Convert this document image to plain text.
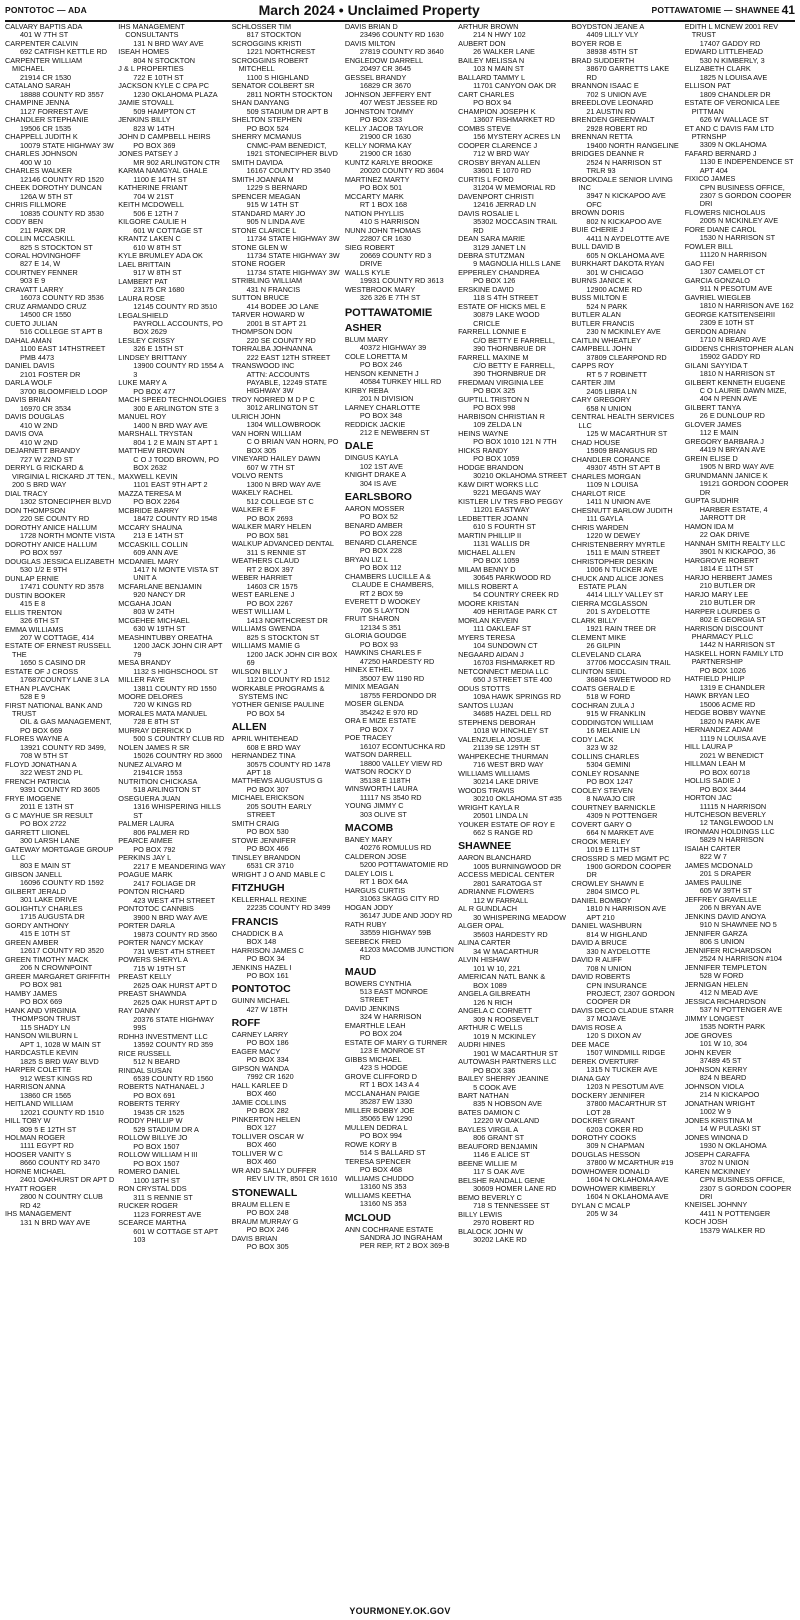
PONTOTOC — ADA	March 2024 • Unclaimed Property	POTTAWATOMIE — SHAWNEE 41
CALVARY BAPTIS ADA
401 W 7TH ST
CARPENTER CALVIN
692 CATFISH KETTLE RD
CARPENTER WILLIAM MICHAEL
21914 CR 1530
CATALANO SARAH
18888 COUNTY RD 3557
CHAMPINE JENNA
1127 FORREST AVE
CHANDLER STEPHANIE
19506 CR 1535
CHAPPELL JUDITH K
10079 STATE HIGHWAY 3W
CHARLES JOHNSON
400 W 10
CHARLES WALKER
12146 COUNTY RD 1520
CHEEK DOROTHY DUNCAN
126A W 5TH ST
CHRIS FILLMORE
10835 COUNTY RD 3530
CODY BEN
211 PARK DR
COLLIN MCCASKILL
825 S STOCKTON ST
CORAL HOVINGHOFF
827 E 14, W
COURTNEY FENNER
903 E 9
CRAVATT LARRY
16073 COUNTY RD 3536
CRUZ ARMANDO CRUZ
14500 CR 1550
CUETO JULIAN
516 COLLEGE ST APT B
DAHAL AMAN
1100 EAST 14THSTREET PMB 4473
DANIEL DAVIS
2101 FOSTER DR
DARLA WOLF
3700 BLOOMFIELD LOOP
DAVIS BRIAN
16970 CR 3534
DAVIS DOUGLAS
410 W 2ND
DAVIS OVA
410 W 2ND
DEJARNETT BRANDY
727 W 22ND ST
DERRYL G RICKARD & VIRGINIA L RICKARD JT TEN., 200 S BRD WAY
DIAL TRACY
1302 STONECIPHER BLVD
DON THOMPSON
220 SE COUNTY RD
DOROTHY ANICE HALLUM
1728 NORTH MONTE VISTA
DOROTHY ANICE HALLUM
PO BOX 597
DOUGLAS JESSICA ELIZABETH
530 1/2 E 9TH
DUNLAP ERNIE
17471 COUNTY RD 3578
DUSTIN BOOKER
415 E 8
ELLIS TRENTON
326 6TH ST
EMMA WILLIAMS
207 W COTTAGE, 414
ESTATE OF ERNEST RUSSELL THE
1650 S CASINO DR
ESTATE OF J CROSS
17687COUNTY LANE 3 LA
ETHAN PLAVCHAK
528 E 9
FIRST NATIONAL BANK AND TRUST
OIL & GAS MANAGEMENT, PO BOX 669
FLORES WAYNE A
13921 COUNTY RD 3499, 708 W 5TH ST
FLOYD JONATHAN A
322 WEST 2ND PL
FRENCH PATRICIA
9391 COUNTY RD 3605
FRYE IMOGENE
2011 E 13TH ST
G C MAYHUE SR RESULT
PO BOX 2722
GARRETT LIIONEL
300 LARSH LANE
GATEWAY MORTGAGE GROUP LLC
803 E MAIN ST
GIBSON JANELL
16096 COUNTY RD 1592
GILBERT JERALD
301 LAKE DRIVE
GOLIGHTLY CHARLES
1715 AUGUSTA DR
GORDY ANTHONY
415 E 10TH ST
GREEN AMBER
12617 COUNTY RD 3520
GREEN TIMOTHY MACK
206 N CROWNPOINT
GREER MARGARET GRIFFITH
PO BOX 981
HAMBY JAMES
PO BOX 669
HANK AND VIRGINIA THOMPSON TRUST
115 SHADY LN
HANSON WILBURN L
APT 1, 1028 W MAIN ST
HARDCASTLE KEVIN
1825 S BRD WAY BLVD
HARPER COLETTE
912 WEST KINGS RD
HARRISON ANNA
13860 CR 1565
HEITLAND WILLIAM
12021 COUNTY RD 1510
HILL TOBY W
809 5 E 12TH ST
HOLMAN ROGER
1111 EGYPT RD
HOOSER VANITY S
8660 COUNTY RD 3470
HORNE MICHAEL
2401 OAKHURST DR APT D
HYATT ROGER
2800 N COUNTRY CLUB RD 42
IHS MANAGEMENT
131 N BRD WAY AVE
IHS MANAGEMENT CONSULTANTS
131 N BRD WAY AVE
ISEAH HOMES
804 N STOCKTON
J & L PROPERTIES
722 E 10TH ST
JACKSON KYLE C CPA PC
1230 OKLAHOMA PLAZA
JAMIE STOVALL
509 HAMPTON CT
JENKINS BILLY
823 W 14TH
JOHN D CAMPBELL HEIRS
PO BOX 369
JONES PATSEY J
MR 902 ARLINGTON CTR
KARMA NAMGYAL GHALE
1100 E 14TH ST
KATHERINE FRIANT
704 W 21ST
KEITH MCDOWELL
506 E 12TH 7
KILGORE CAULIE H
601 W COTTAGE ST
KRANTZ LAKEN C
610 W 8TH ST
KYLE BRUMLEY ADA OK
LAEL BRITTAIN
917 W 8TH ST
LAMBERT PAT
23175 CR 1680
LAURA ROSE
12145 COUNTY RD 3510
LEGALSHIELD
PAYROLL ACCOUNTS, PO BOX 2629
LESLEY CRISSY
326 E 15TH ST
LINDSEY BRITTANY
13900 COUNTY RD 1554 A 3
LUKE MARY A
PO BOX 477
MACH SPEED TECHNOLOGIES
300 E ARLINGTON STE 3
MANUEL ROY
1400 N BRD WAY AVE
MARSHALL TRYSTAN
804 1 2 E MAIN ST APT 1
MATTHEW BROWN
C O J TODD BROWN, PO BOX 2632
MAXWELL KEVIN
1101 EAST 9TH APT 2
MAZZA TERESA M
PO BOX 2264
MCBRIDE BARRY
18472 COUNTY RD 1548
MCCARY SHAUNA
213 E 14TH ST
MCCASKILL COLLIN
609 ANN AVE
MCDANIEL MARY
1417 N MONTE VISTA ST UNIT A
MCFARLANE BENJAMIN
920 NANCY DR
MCGAHA JOAN
803 W 24TH
MCGEHEE MICHAEL
630 W 19TH ST
MEASHINTUBBY OREATHA
1200 JACK JOHN CIR APT 79
MESA BRANDY
1132 S HIGHSCHOOL ST
MILLER FAYE
13811 COUNTY RD 1550
MOORE DELORES
720 W KINGS RD
MORALES MATA MANUEL
728 E 8TH ST
MURRAY DERRICK D
500 S COUNTRY CLUB RD
NOLEN JAMES R SR
15026 COUNTRY RD 3600
NUNEZ ALVARO M
21941CR 1553
NUTRITION CHICKASA
518 ARLINGTON ST
OSEGUERA JUAN
1316 WHISPERING HILLS ST
PALMER LAURA
806 PALMER RD
PEARCE AIMEE
PO BOX 792
PERKINS JAY L
2217 E MEANDERING WAY
POAGUE MARK
2417 FOLIAGE DR
PONTON RICHARD
423 WEST 4TH STREET
PONTOTOC CANNBIS
3900 N BRD WAY AVE
PORTER DARLA
19873 COUNTY RD 3560
PORTER NANCY MCKAY
731 WEST 4TH STREET
POWERS SHERYL A
715 W 19TH ST
PREAST KELLY
2625 OAK HURST APT D
PREAST SHAWNDA
2625 OAK HURST APT D
RAY DANNY
20376 STATE HIGHWAY 99S
RDHH3 INVESTMENT LLC
13592 COUNTY RD 359
RICE RUSSELL
512 N BEARD
RINDAL SUSAN
6539 COUNTY RD 1560
ROBERTS NATHANAEL J
PO BOX 691
ROBERTS TERRY
19435 CR 1525
RODDY PHILLIP W
529 STADIUM DR A
ROLLOW BILLYE JO
PO BOX 1507
ROLLOW WILLIAM H III
PO BOX 1507
ROMERO DANIEL
1100 18TH ST
RON CRYSTAL DDS
311 S RENNIE ST
RUCKER ROGER
1123 FORREST AVE
SCEARCE MARTHA
601 W COTTAGE ST APT 103
SCHLOSSER TIM
817 STOCKTON
SCROGGINS KRISTI
1221 NORTHCREST
SCROGGINS ROBERT MITCHELL
1100 S HIGHLAND
SENATOR COLBERT SR
2811 NORTH STOCKTON
SHAN DANYANG
509 STADIUM DR APT B
SHELTON STEPHEN
PO BOX 524
SHERRY MCMANUS
CNMC-PAM BENEDICT, 1921 STONECIPHER BLVD
SMITH DAVIDA
16167 COUNTY RD 3540
SMITH JOANNA M
1229 S BERNARD
SPENCER MEAGAN
915 W 14TH ST
STANDARD MARY JO
905 N LINDA AVE
STONE CLARICE L
11734 STATE HIGHWAY 3W
STONE GLEN W
11734 STATE HIGHWAY 3W
STONE ROGER
11734 STATE HIGHWAY 3W
STRIBLING WILLIAM
431 N FRANCIS
SUTTON BRUCE
414 BODEE JO LANE
TARVER HOWARD W
2001 B ST APT 21
THOMPSON DON
220 SE COUNTY RD
TORRALBA JOHNANNA
222 EAST 12TH STREET
TRANSWOOD INC
ATTN: ACCOUNTS PAYABLE, 12249 STATE HIGHWAY 3W
TROY NORRED M D P C
3012 ARLINGTON ST
ULRICH JOHN
1304 WILLOWBROOK
VAN HORN WILLIAM
C O BRIAN VAN HORN, PO BOX 305
VINEYARD HAILEY DAWN
607 W 7TH ST
VOLVO RENTS
1300 N BRD WAY AVE
WAKELY RACHEL
512 COLLEGE ST C
WALKER E F
PO BOX 2693
WALKER MARY HELEN
PO BOX 581
WALKUP ADVANCED DENTAL
311 S RENNIE ST
WEATHERS CLAUD
RT 2 BOX 397
WEBER HARRIET
14603 CR 1575
WEST EARLENE J
PO BOX 2267
WEST WILLIAM L
1413 NORTHCREST DR
WILLIAMS GWENDA
825 S STOCKTON ST
WILLIAMS MAMIE G
1200 JACK JOHN CIR BOX 69
WILSON BILLY J
11210 COUNTY RD 1512
WORKABLE PROGRAMS & SYSTEMS INC
YOTHER GENISE PAULINE
PO BOX 54
ALLEN
APRIL WHITEHEAD
608 E BRD WAY
HERNANDEZ TINA
30575 COUNTY RD 1478 APT 18
MATTHEWS AUGUSTUS G
PO BOX 307
MICHAEL ERICKSON
205 SOUTH EARLY STREET
SMITH CRAIG
PO BOX 530
STOWE JENNIFER
PO BOX 466
TINSLEY BRANDON
6531 CR 3710
WRIGHT J O AND MABLE C
FITZHUGH
KELLERHALL REXINE
22235 COUNTY RD 3499
FRANCIS
CHADDICK B A
BOX 148
HARRISON JAMES C
PO BOX 34
JENKINS HAZEL I
PO BOX 161
PONTOTOC
GUINN MICHAEL
427 W 18TH
ROFF
CARNEY LARRY
PO BOX 186
EAGER MACY
PO BOX 334
GIPSON WANDA
7992 CR 1620
HALL KARLEE D
BOX 460
JAMIE COLLINS
PO BOX 282
PINKERTON HELEN
BOX 127
TOLLIVER OSCAR W
BOX 460
TOLLIVER W C
BOX 460
WR AND SALLY DUFFER
REV LIV TR, 8501 CR 1610
STONEWALL
BRAUM ELLEN E
PO BOX 248
BRAUM MURRAY G
PO BOX 246
DAVIS BRIAN
PO BOX 305
DAVIS BRIAN D
23496 COUNTY RD 1630
DAVIS MILTON
27819 COUNTY RD 3640
ENGLEDOW DARRELL
20497 CR 3645
GESSEL BRANDY
16829 CR 3670
JOHNSON JEFFERY ENT
407 WEST JESSEE RD
JOHNSTON TOMMY
PO BOX 233
KELLY JACOB TAYLOR
21900 CR 1630
KELLY NORMA KAY
21900 CR 1630
KUNTZ KARLYE BROOKE
20020 COUNTY RD 3604
MARTINEZ MARTY
PO BOX 501
MCCARTY MARK
RT 1 BOX 168
NATION PHYLLIS
410 S HARRISON
NUNN JOHN THOMAS
22807 CR 1630
SIEG ROBERT
20669 COUNTY RD 3 DRIVE
WALLS KYLE
19931 COUNTY RD 3613
WESTBROOK MARY
326 326 E 7TH ST
POTTAWATOMIE
ASHER
BLUM MARY
40372 HIGHWAY 39
COLE LORETTA M
PO BOX 246
HENSON KENNETH J
40584 TURKEY HILL RD
KIRBY REBA
201 N DIVISION
LARNEY CHARLOTTE
PO BOX 348
REDDICK JACKIE
212 E NEWBERN ST
DALE
DINGUS KAYLA
102 1ST AVE
KNIGHT DRAKE A
304 IS AVE
EARLSBORO
AARON MOSSER
PO BOX 52
BENARD AMBER
PO BOX 228
BENARD CLARENCE
PO BOX 228
BRYAN LIZ L
PO BOX 112
CHAMBERS LUCILLE A & CLAUDE E CHAMBERS,
RT 2 BOX 59
EVERETT D WOOKEY
706 S LAYTON
FRUIT SHARON
12134 S 351
GLORIA GOUDGE
PO BOX 93
HAWKINS CHARLES F
47250 HARDESTY RD
HINEX ETHEL
35007 EW 1190 RD
MINIX MEAGAN
18755 FERDONDO DR
MOSER GLENDA
354242 E 970 RD
ORA E MIZE ESTATE
PO BOX 7
POE TRACEY
16107 ECONTUCHKA RD
WATSON DARRELL
18800 VALLEY VIEW RD
WATSON ROCKY D
35138 E 118TH
WINSWORTH LAURA
11117 NS 3540 RD
YOUNG JIMMY C
303 OLIVE ST
MACOMB
BANEY MARY
40276 ROMULUS RD
CALDERON JOSE
5200 POTTAWATOMIE RD
DALEY LOIS L
RT 1 BOX 64A
HARGUS CURTIS
31063 SKAGG CITY RD
HOGAN JODY
36147 JUDE AND JODY RD
RATH RUBY
33559 HIGHWAY 59B
SEEBECK FRED
41203 MACOMB JUNCTION RD
MAUD
BOWERS CYNTHIA
513 EAST MONROE STREET
DAVID JENKINS
324 W HARRISON
EMARTHLE LEAH
PO BOX 204
ESTATE OF MARY G TURNER
123 E MONROE ST
GIBBS MICHAEL
423 S HODGE
GROVE CLIFFORD D
RT 1 BOX 143 A 4
MCCLANAHAN PAIGE
35287 EW 1330
MILLER BOBBY JOE
35065 EW 1290
MULLEN DEDRA L
PO BOX 994
ROWE KORY B
514 S BALLARD ST
TERESA SPENCER
PO BOX 468
WILLIAMS CHUDDO
13160 NS 353
WILLIAMS KEETHA
13160 NS 353
MCLOUD
ANN COCHRANE ESTATE
SANDRA JO INGRAHAM PER REP, RT 2 BOX 369-B
ARTHUR BROWN
214 N HWY 102
AUBERT DON
26 WALKER LANE
BAILEY MELISSA N
103 N MAIN ST
BALLARD TAMMY L
11701 CANYON OAK DR
CART CHARLES
PO BOX 94
CHAMPION JOSEPH K
13607 FISHMARKET RD
COMBS STEVE
156 MYSTERY ACRES LN
COOPER CLARENCE J
712 W BRD WAY
CROSBY BRYAN ALLEN
33601 E 1070 RD
CURTIS L FORD
31204 W MEMORIAL RD
DAVENPORT CHRISTI
12416 JERRAD LN
DAVIS ROSALIE L
35302 MOCCASIN TRAIL RD
DEAN SARA MARIE
3129 JANET LN
DEBRA STUTZMAN
9 MAGNOLIA HILLS LANE
EPPERLEY CHANDREA
PO BOX 126
ERSKINE DAVID
118 S 4TH STREET
ESTATE OF HICKS MEL E
30879 LAKE WOOD CRICLE
FARRELL LONNIE E
C/O BETTY E FARRELL, 390 THORNBRUE DR
FARRELL MAXINE M
C/O BETTY E FARRELL, 390 THORNBRUE DR
FREDMAN VIRGINIA LEE
PO BOX 325
GUPTILL TRISTON N
PO BOX 998
HARBISON CHRISTIAN R
109 ZELDA LN
HEINS WAYNE
PO BOX 1010 121 N 7TH
HICKS RANDY
PO BOX 1059
HODGE BRANDON
30210 OKLAHOMA STREET
K&W DIRT WORKS LLC
9221 MEGANS WAY
KISTLER LIV TRS FBO PEGGY
11201 EASTWAY
LEDBETTER JOANN
610 S FOURTH ST
MARTIN PHILLIP II
1131 WALLIS DR
MICHAEL ALLEN
PO BOX 1059
MILAM BENNY D
30645 PARKWOOD RD
MILLS ROBERT A
54 COUNTRY CREEK RD
MOORE KRISTAN
409 HERITAGE PARK CT
MORLAN KEVEIN
111 OAKLEAF ST
MYERS TERESA
104 SUNDOWN CT
NEGAARD AIDAN J
16703 FISHMARKET RD
NETCONNECT MEDIA LLC
650 J STREET STE 400
ODUS STOTTS
109A HAWK SPRINGS RD
SANTOS LUJAN
34685 HAZEL DELL RD
STEPHENS DEBORAH
1018 W HINCHLEY ST
VALENZUELA JOSUE
21139 SE 129TH ST
WAHPEKECHE THURMAN
716 WEST BRD WAY
WILLIAMS WILLIAMS
30214 LAKE DRIVE
WOODS TRAVIS
30210 OKLAHOMA ST #35
WRIGHT KAYLA R
20501 LINDA LN
YOUKER ESTATE OF ROY E
662 S RANGE RD
SHAWNEE
AARON BLANCHARD
1005 BURNINGWOOD DR
ACCESS MEDICAL CENTER
2801 SARATOGA ST
ADRIANNE FLOWERS
112 W FARRALL
AL R GUNDLACH
30 WHISPERING MEADOW
ALGER OPAL
35603 HARDESTY RD
ALINA CARTER
34 W MACARTHUR
ALVIN HISHAW
101 W 10, 221
AMERICAN NATL BANK &
BOX 1089
ANGELA GILBREATH
126 N RICH
ANGELA C CORNETT
309 N ROOSEVELT
ARTHUR C WELLS
1019 N MCKINLEY
AUDRI HINES
1901 W MACARTHUR ST
AUTOWASH PARTNERS LLC
PO BOX 336
BAILEY SHERRY JEANINE
5 COOK AVE
BART NATHAN
835 N HOBSON AVE
BATES DAMION C
12220 W OAKLAND
BAYLES VIRGIL A
806 GRANT ST
BEAUFORD BENJAMIN
1146 E ALICE ST
BEENE WILLIE M
117 S OAK AVE
BELSHE RANDALL GENE
30609 HOMER LANE RD
BEMO BEVERLY C
718 S TENNESSEE ST
BILLY LEWIS
2970 ROBERT RD
BLALOCK JOHN W
30202 LAKE RD
BOYDSTON JEANE A
4409 LILLY VLY
BOYER ROB E
38938 45TH ST
BRAD SUDDERTH
38670 GARRETTS LAKE RD
BRANNON ISAAC E
702 S UNION AVE
BREEDLOVE LEONARD
21 AUSTIN RD
BRENDEN GREENWALT
2928 ROBERT RD
BRENNAN RETTA
19400 NORTH RANGELINE
BRIDGES DEANNE R
2524 N HARRISON ST TRLR 93
BROOKDALE SENIOR LIVING INC
3947 N KICKAPOO AVE OFC
BROWN DORIS
802 N KICKAPOO AVE
BUIE CHERIE J
4411 N AYDELOTTE AVE
BULL DAVID B
605 N OKLAHOMA AVE
BURKHART DAKOTA RYAN
301 W CHICAGO
BURNS JANICE K
12900 ACME RD
BUSS MILTON E
524 N PARK
BUTLER ALAN
BUTLER FRANCIS
230 N MCKINLEY AVE
CAITLIN WHEATLEY
CAMPBELL JOHN
37809 CLEARPOND RD
CAPPS ROY
RT 5 7 ROBINETT
CARTER JIM
2405 LIBRA LN
CARY GREGORY
658 N UNION
CENTRAL HEALTH SERVICES LLC
125 W MACARTHUR ST
CHAD HOUSE
15909 BRANGUS RD
CHANDLER CORANCE
49307 45TH ST APT B
CHARLES MORGAN
1109 N LOUISA
CHARLOT RICE
1411 N UNION AVE
CHESNUTT BARLOW JUDITH
111 GAYLA
CHRIS WARDEN
1220 W DEWEY
CHRISTENBERRY MYRTLE
1511 E MAIN STREET
CHRISTOPHER DESKIN
1006 N TUCKER AVE
CHUCK AND ALICE JONES ESTATE PLAN
4414 LILLY VALLEY ST
CIERRA MCGLASSON
201 S AYDELOTTE
CLARK BILLY
1921 RAIN TREE DR
CLEMENT MIKE
26 GILPIN
CLEVELAND CLARA
37706 MOCCASIN TRAIL
CLINTON SEIDL
36804 SWEETWOOD RD
COATS GERALD E
518 W FORD
COCHRAN ZULA J
915 W FRANKLIN
CODDINGTON WILLIAM
16 MELANIE LN
CODY LACK
323 W 32
COLLINS CHARLES
5304 GEMINI
CONLEY ROSANNE
PO BOX 1247
COOLEY STEVEN
8 NAVAJO CIR
COURTNEY BARNICKLE
4309 N POTTENGER
COVERT GARY O
664 N MARKET AVE
CROOK MERLEY
1019 E 11TH ST
CROSSRD S MED MGMT PC
1900 GORDON COOPER DR
CROWLEY SHAWN E
2804 SIMCO PL
DANIEL BOMBOY
1810 N HARRISON AVE APT 210
DANIEL WASHBURN
814 W HIGHLAND
DAVID A BRUCE
330 N AYDELOTTE
DAVID R ALIFF
708 N UNION
DAVID ROBERTS
CPN INSURANCE PROJECT, 2307 GORDON COOPER DR
DAVIS DECO CLADUE STARR
37 MOJAVE
DAVIS ROSE A
120 S DIXON AV
DEE MACE
1507 WINDMILL RIDGE
DEREK OVERTURF
1315 N TUCKER AVE
DIANA GAY
1203 N PESOTUM AVE
DOCKERY JENNIFER
37800 MACARTHUR ST LOT 28
DOCKREY GRANT
6203 COKER RD
DOROTHY COOKS
309 N CHAPMAN
DOUGLAS HESSON
37800 W MCARTHUR #19
DOWHOWER DONALD
1604 N OKLAHOMA AVE
DOWHOWER KIMBERLY
1604 N OKLAHOMA AVE
DYLAN C MCALP
205 W 34
EDITH L MCNEW 2001 REV TRUST
17407 GADDY RD
EDWARD LITTLEHEAD
530 N KIMBERLY, 3
ELIZABETH CLARK
1825 N LOUISA AVE
ELLISON PAT
1809 CHANDLER DR
ESTATE OF VERONICA LEE PITTMAN
626 W WALLACE ST
ET AND C DAVIS FAM LTD PTRNSHP
3309 N OKLAHOMA
FAFARD BERNARD J
1130 E INDEPENDENCE ST APT 404
FIXICO JAMES
CPN BUSINESS OFFICE, 2307 S GORDON COOPER DRI
FLOWERS NICHOLAUS
2005 N MCKINLEY AVE
FORE DIANE CAROL
1530 N HARRISON ST
FOWLER BILL
11120 N HARRISON
GAO FEI
1307 CAMELOT CT
GARCIA GONZALO
911 N PESOTUM AVE
GAVRIEL WIEGLEB
1810 N HARRISON AVE 162
GEORGE KATSITENSEIRII
2309 E 10TH ST
GERDON ADRIAN
1710 N BEARD AVE
GIDDENS CHRISTOPHER ALAN
15902 GADDY RD
GILANI SAYYIDA T
1810 N HARRISON ST
GILBERT KENNETH EUGENE
C O LAURIE DAWN MIZE, 404 N PENN AVE
GILBERT TANYA
26 E DUNLOUP RD
GLOVER JAMES
112 E MAIN
GREGORY BARBARA J
4419 N BRYAN AVE
GREIN ELISE D
1905 N BRD WAY AVE
GRUNDMANN JANICE K
19121 GORDON COOPER DR
GUPTA SUDHIR
HARBER ESTATE, 4 JARROTT DR
HAMON IDA M
22 OAK DRIVE
HANNAH SMITH REALTY LLC
3901 N KICKAPOO, 36
HARGROVE ROBERT
1814 E 11TH ST
HARJO HERBERT JAMES
210 BUTLER DR
HARJO MARY LEE
210 BUTLER DR
HARPER LOURDES G
802 E GEORGIA ST
HARRISON DISCOUNT PHARMACY PLLC
1442 N HARRISON ST
HASKELL HORN FAMILY LTD PARTNERSHIP
PO BOX 1026
HATFIELD PHILIP
1319 E CHANDLER
HAWK BRYAN LEO
15006 ACME RD
HEDGE BOBBY WAYNE
1820 N PARK AVE
HERNANDEZ ADAM
1119 N LOUISA AVE
HILL LAURA P
2021 W BENEDICT
HILLMAN LEAH M
PO BOX 60718
HOLLIS SADIE J
PO BOX 3444
HORTON JAC
11115 N HARRISON
HUTCHESON BEVERLY
12 TANGLEWOOD LN
IRONMAN HOLDINGS LLC
5829 N HARRISON
ISAIAH CARTER
822 W 7
JAMES MCDONALD
201 S DRAPER
JAMES PAULINE
605 W 39TH ST
JEFFREY GRAVELLE
206 N BRYAN AVE
JENKINS DAVID ANOYA
910 N SHAWNEE NO 5
JENNIFER GARZA
806 S UNION
JENNIFER RICHARDSON
2524 N HARRISON #104
JENNIFER TEMPLETON
528 W FORD
JERNIGAN HELEN
412 N MEAD AVE
JESSICA RICHARDSON
537 N POTTENGER AVE
JIMMY LONGEST
1535 NORTH PARK
JOE GROVES
101 W 10, 304
JOHN KEVER
37489 45 ST
JOHNSON KERRY
824 N BEARD
JOHNSON VIOLA
214 N KICKAPOO
JONATHAN WRIGHT
1002 W 9
JONES KRISTINA M
14 W PULASKI ST
JONES WINONA D
1930 N OKLAHOMA
JOSEPH CARAFFA
3702 N UNION
KAREN MCKINNEY
CPN BUSINESS OFFICE, 2307 S GORDON COOPER DRI
KNEISEL JOHNNY
4411 N POTTENGER
KOCH JOSH
15379 WALKER RD
YOURMONEY.OK.GOV
